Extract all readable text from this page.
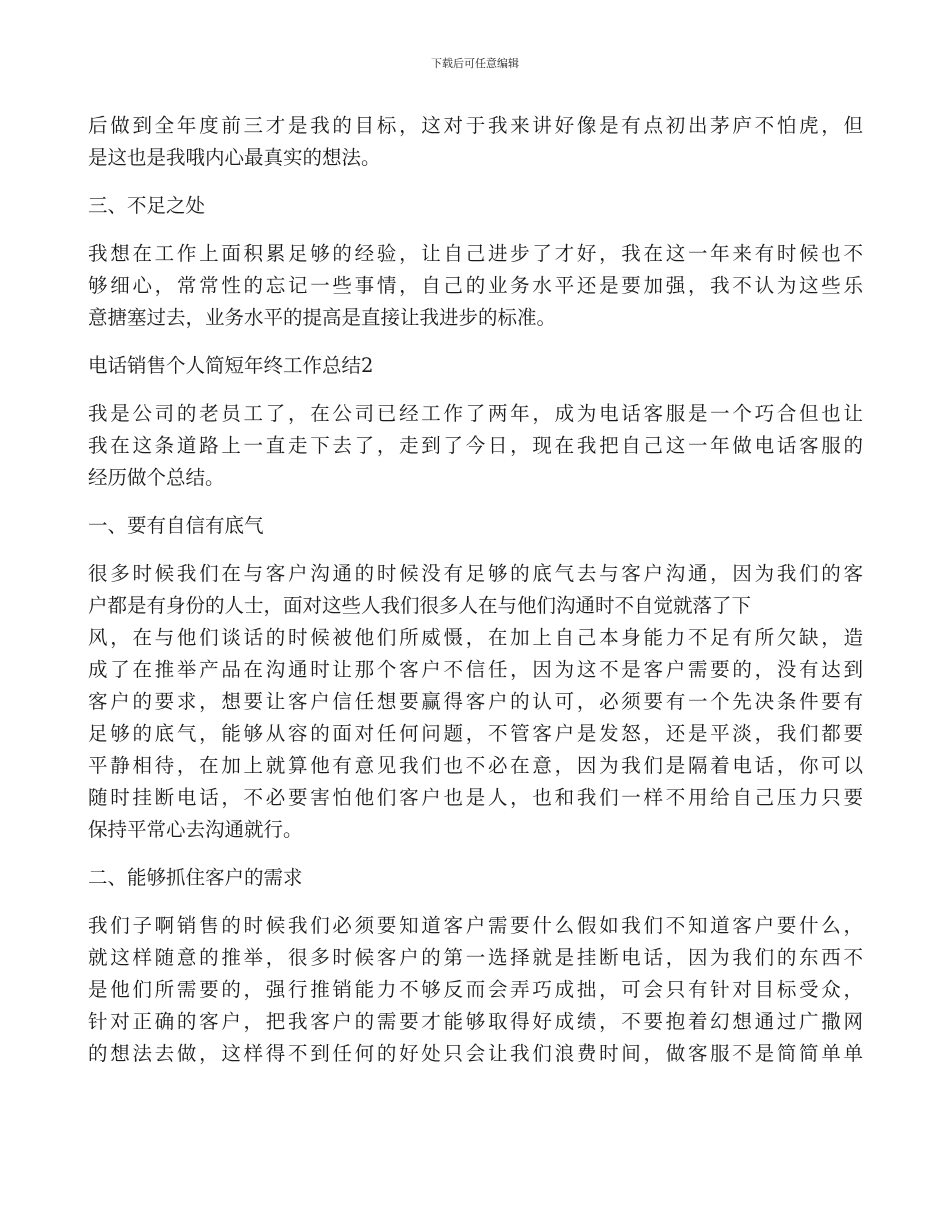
下载后可任意编辑
后做到全年度前三才是我的目标，这对于我来讲好像是有点初出茅庐不怕虎，但
是这也是我哦内心最真实的想法。
三、不足之处
我想在工作上面积累足够的经验，让自己进步了才好，我在这一年来有时候也不
够细心，常常性的忘记一些事情，自己的业务水平还是要加强，我不认为这些乐
意搪塞过去，业务水平的提高是直接让我进步的标准。
电话销售个人简短年终工作总结2
我是公司的老员工了，在公司已经工作了两年，成为电话客服是一个巧合但也让
我在这条道路上一直走下去了，走到了今日，现在我把自己这一年做电话客服的
经历做个总结。
一、要有自信有底气
很多时候我们在与客户沟通的时候没有足够的底气去与客户沟通，因为我们的客
户都是有身份的人士，面对这些人我们很多人在与他们沟通时不自觉就落了下
风，在与他们谈话的时候被他们所威慑，在加上自己本身能力不足有所欠缺，造
成了在推举产品在沟通时让那个客户不信任，因为这不是客户需要的，没有达到
客户的要求，想要让客户信任想要赢得客户的认可，必须要有一个先决条件要有
足够的底气，能够从容的面对任何问题，不管客户是发怒，还是平淡，我们都要
平静相待，在加上就算他有意见我们也不必在意，因为我们是隔着电话，你可以
随时挂断电话，不必要害怕他们客户也是人，也和我们一样不用给自己压力只要
保持平常心去沟通就行。
二、能够抓住客户的需求
我们子啊销售的时候我们必须要知道客户需要什么假如我们不知道客户要什么，
就这样随意的推举，很多时候客户的第一选择就是挂断电话，因为我们的东西不
是他们所需要的，强行推销能力不够反而会弄巧成拙，可会只有针对目标受众，
针对正确的客户，把我客户的需要才能够取得好成绩，不要抱着幻想通过广撒网
的想法去做，这样得不到任何的好处只会让我们浪费时间，做客服不是简简单单
